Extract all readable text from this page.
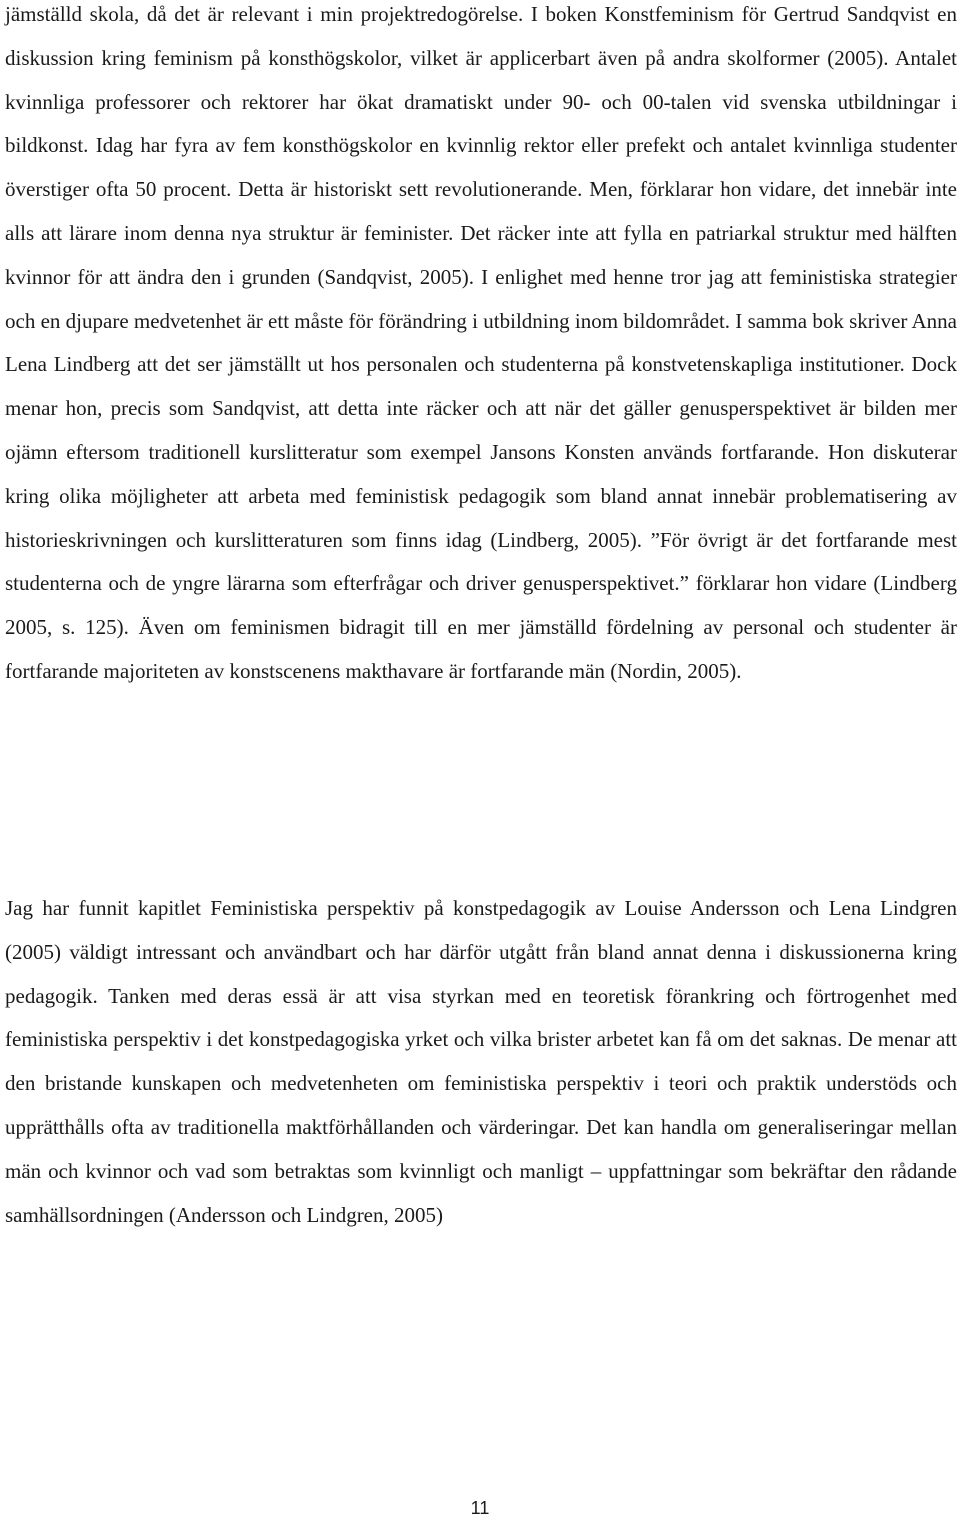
jämställd skola, då det är relevant i min projektredogörelse. I boken Konstfeminism för Gertrud Sandqvist en diskussion kring feminism på konsthögskolor, vilket är applicerbart även på andra skolformer (2005). Antalet kvinnliga professorer och rektorer har ökat dramatiskt under 90- och 00-talen vid svenska utbildningar i bildkonst. Idag har fyra av fem konsthögskolor en kvinnlig rektor eller prefekt och antalet kvinnliga studenter överstiger ofta 50 procent. Detta är historiskt sett revolutionerande. Men, förklarar hon vidare, det innebär inte alls att lärare inom denna nya struktur är feminister. Det räcker inte att fylla en patriarkal struktur med hälften kvinnor för att ändra den i grunden (Sandqvist, 2005). I enlighet med henne tror jag att feministiska strategier och en djupare medvetenhet är ett måste för förändring i utbildning inom bildområdet. I samma bok skriver Anna Lena Lindberg att det ser jämställt ut hos personalen och studenterna på konstvetenskapliga institutioner. Dock menar hon, precis som Sandqvist, att detta inte räcker och att när det gäller genusperspektivet är bilden mer ojämn eftersom traditionell kurslitteratur som exempel Jansons Konsten används fortfarande. Hon diskuterar kring olika möjligheter att arbeta med feministisk pedagogik som bland annat innebär problematisering av historieskrivningen och kurslitteraturen som finns idag (Lindberg, 2005). ”För övrigt är det fortfarande mest studenterna och de yngre lärarna som efterfrågar och driver genusperspektivet.” förklarar hon vidare (Lindberg 2005, s. 125). Även om feminismen bidragit till en mer jämställd fördelning av personal och studenter är fortfarande majoriteten av konstscenens makthavare är fortfarande män (Nordin, 2005).

Jag har funnit kapitlet Feministiska perspektiv på konstpedagogik av Louise Andersson och Lena Lindgren (2005) väldigt intressant och användbart och har därför utgått från bland annat denna i diskussionerna kring pedagogik. Tanken med deras essä är att visa styrkan med en teoretisk förankring och förtrogenhet med feministiska perspektiv i det konstpedagogiska yrket och vilka brister arbetet kan få om det saknas. De menar att den bristande kunskapen och medvetenheten om feministiska perspektiv i teori och praktik understöds och upprätthålls ofta av traditionella maktförhållanden och värderingar. Det kan handla om generaliseringar mellan män och kvinnor och vad som betraktas som kvinnligt och manligt – uppfattningar som bekräftar den rådande samhällsordningen (Andersson och Lindgren, 2005)

11
